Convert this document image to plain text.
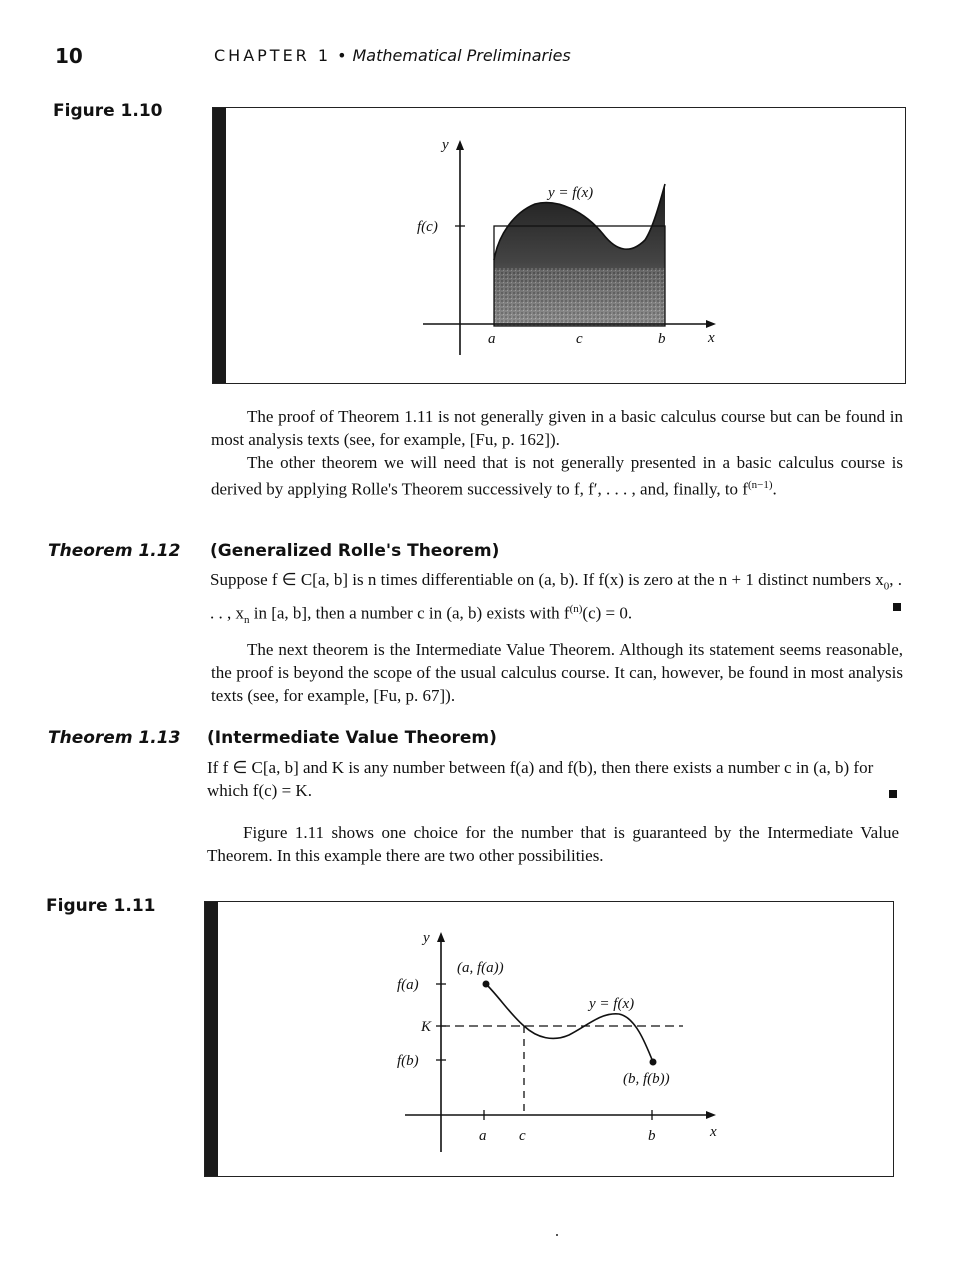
10	CHAPTER 1 • Mathematical Preliminaries
Figure 1.10
y
x
y = f(x)
f(c)
a	c	b
The proof of Theorem 1.11 is not generally given in a basic calculus course but can be found in most analysis texts (see, for example, [Fu, p. 162]).
The other theorem we will need that is not generally presented in a basic calculus course is derived by applying Rolle's Theorem successively to f, f′, . . . , and, finally, to $f^{(n-1)}$.
Theorem 1.12 (Generalized Rolle's Theorem)
Suppose f ∈ C[a, b] is n times differentiable on (a, b). If f(x) is zero at the n + 1 distinct numbers $x_0$, . . . , $x_n$ in [a, b], then a number c in (a, b) exists with $f^{(n)}(c) = 0$.
The next theorem is the Intermediate Value Theorem. Although its statement seems reasonable, the proof is beyond the scope of the usual calculus course. It can, however, be found in most analysis texts (see, for example, [Fu, p. 67]).
Theorem 1.13 (Intermediate Value Theorem)
If f ∈ C[a, b] and K is any number between f(a) and f(b), then there exists a number c in (a, b) for which f(c) = K.
Figure 1.11 shows one choice for the number that is guaranteed by the Intermediate Value Theorem. In this example there are two other possibilities.
Figure 1.11
y
x
f(a)
K
f(b)
(a, f(a))
(b, f(b))
y = f(x)
a c	b
